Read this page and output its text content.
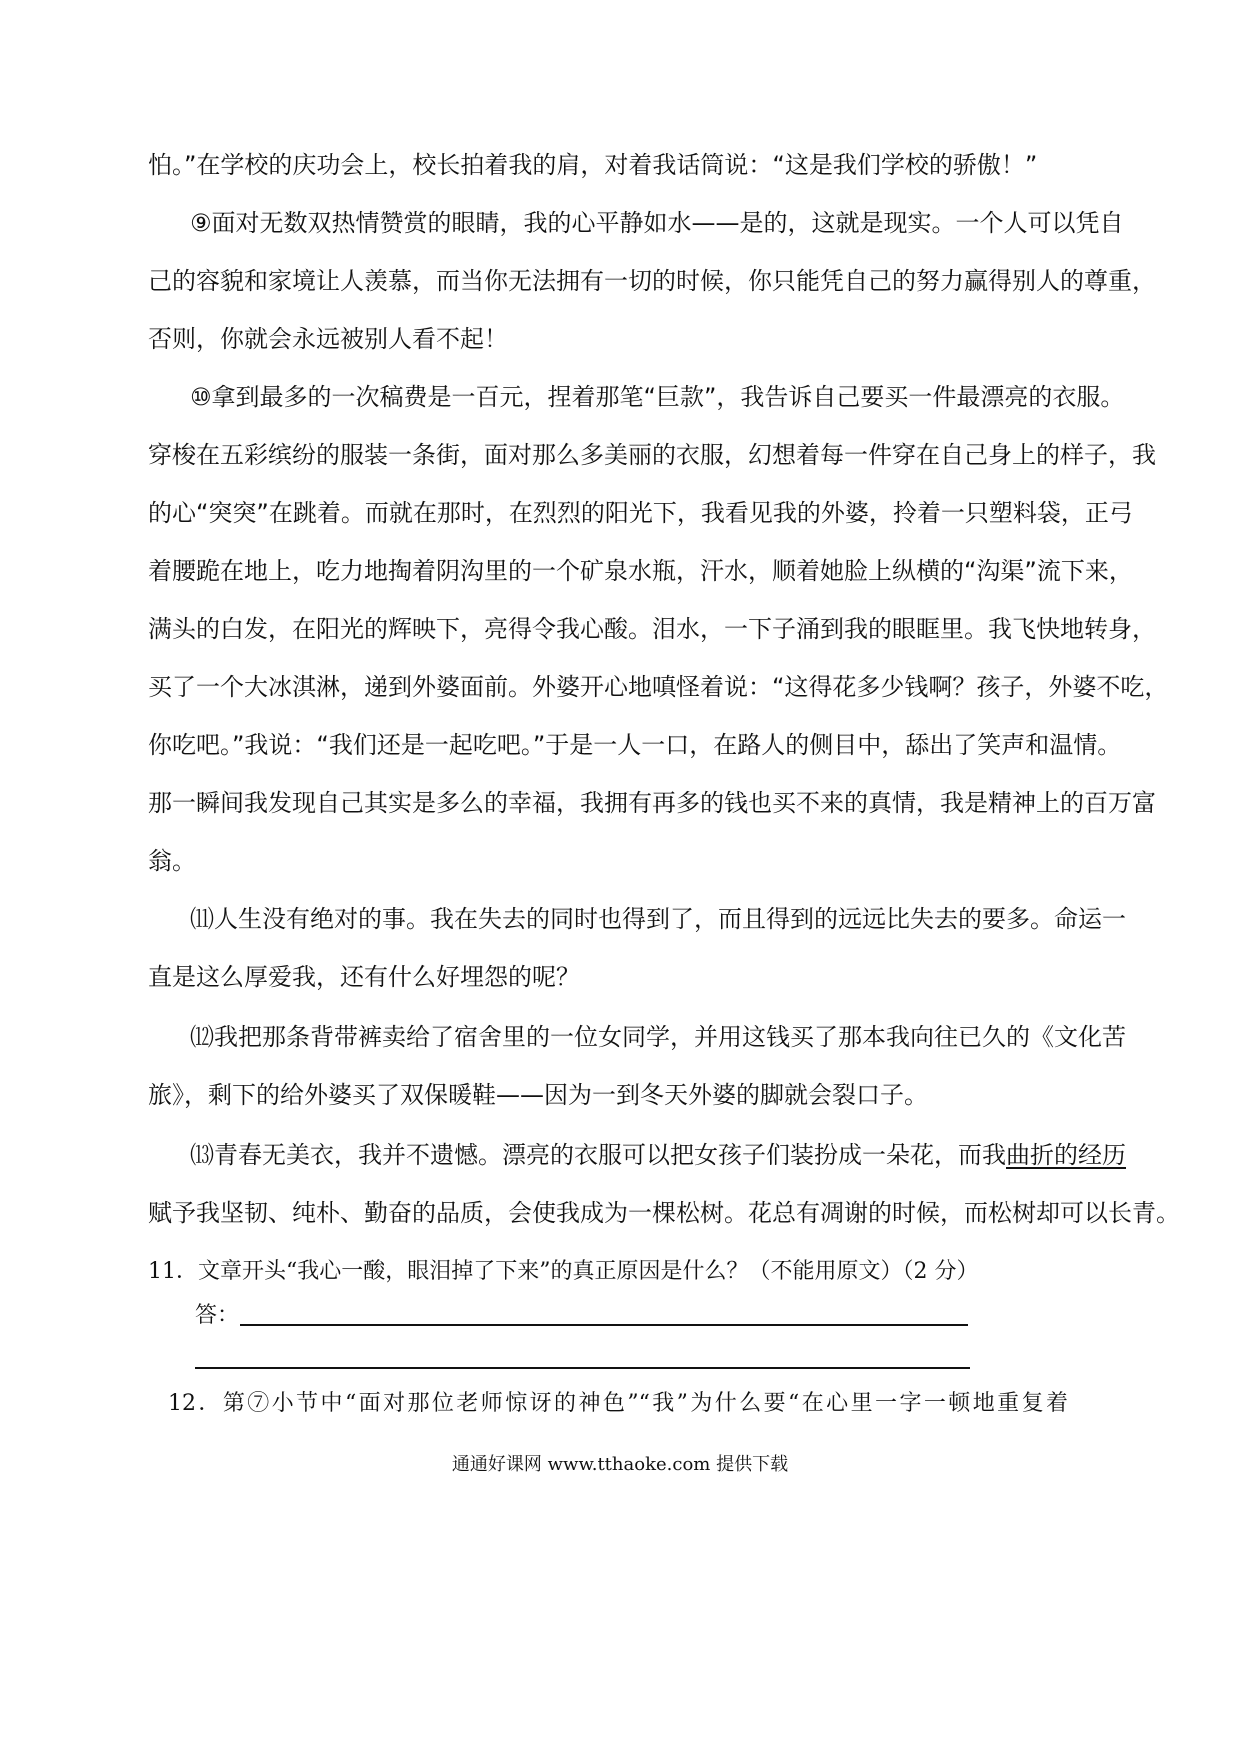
怕。”在学校的庆功会上，校长拍着我的肩，对着我话筒说：“这是我们学校的骄傲！”
⑨面对无数双热情赞赏的眼睛，我的心平静如水——是的，这就是现实。一个人可以凭自
己的容貌和家境让人羡慕，而当你无法拥有一切的时候，你只能凭自己的努力赢得别人的尊重，
否则，你就会永远被别人看不起！
⑩拿到最多的一次稿费是一百元，捏着那笔“巨款”，我告诉自己要买一件最漂亮的衣服。
穿梭在五彩缤纷的服装一条街，面对那么多美丽的衣服，幻想着每一件穿在自己身上的样子，我
的心“突突”在跳着。而就在那时，在烈烈的阳光下，我看见我的外婆，拎着一只塑料袋，正弓
着腰跪在地上，吃力地掏着阴沟里的一个矿泉水瓶，汗水，顺着她脸上纵横的“沟渠”流下来，
满头的白发，在阳光的辉映下，亮得令我心酸。泪水，一下子涌到我的眼眶里。我飞快地转身，
买了一个大冰淇淋，递到外婆面前。外婆开心地嗔怪着说：“这得花多少钱啊？孩子，外婆不吃，
你吃吧。”我说：“我们还是一起吃吧。”于是一人一口，在路人的侧目中，舔出了笑声和温情。
那一瞬间我发现自己其实是多么的幸福，我拥有再多的钱也买不来的真情，我是精神上的百万富
翁。
⑾人生没有绝对的事。我在失去的同时也得到了，而且得到的远远比失去的要多。命运一
直是这么厚爱我，还有什么好埋怨的呢？
⑿我把那条背带裤卖给了宿舍里的一位女同学，并用这钱买了那本我向往已久的《文化苦
旅》，剩下的给外婆买了双保暖鞋——因为一到冬天外婆的脚就会裂口子。
⒀青春无美衣，我并不遗憾。漂亮的衣服可以把女孩子们装扮成一朵花，而我曲折的经历
赋予我坚韧、纯朴、勤奋的品质，会使我成为一棵松树。花总有凋谢的时候，而松树却可以长青。
11．文章开头“我心一酸，眼泪掉了下来”的真正原因是什么？（不能用原文）（2 分）
答：
12．第⑦小节中“面对那位老师惊讶的神色”“我”为什么要“在心里一字一顿地重复着
通通好课网 www.tthaoke.com 提供下载
